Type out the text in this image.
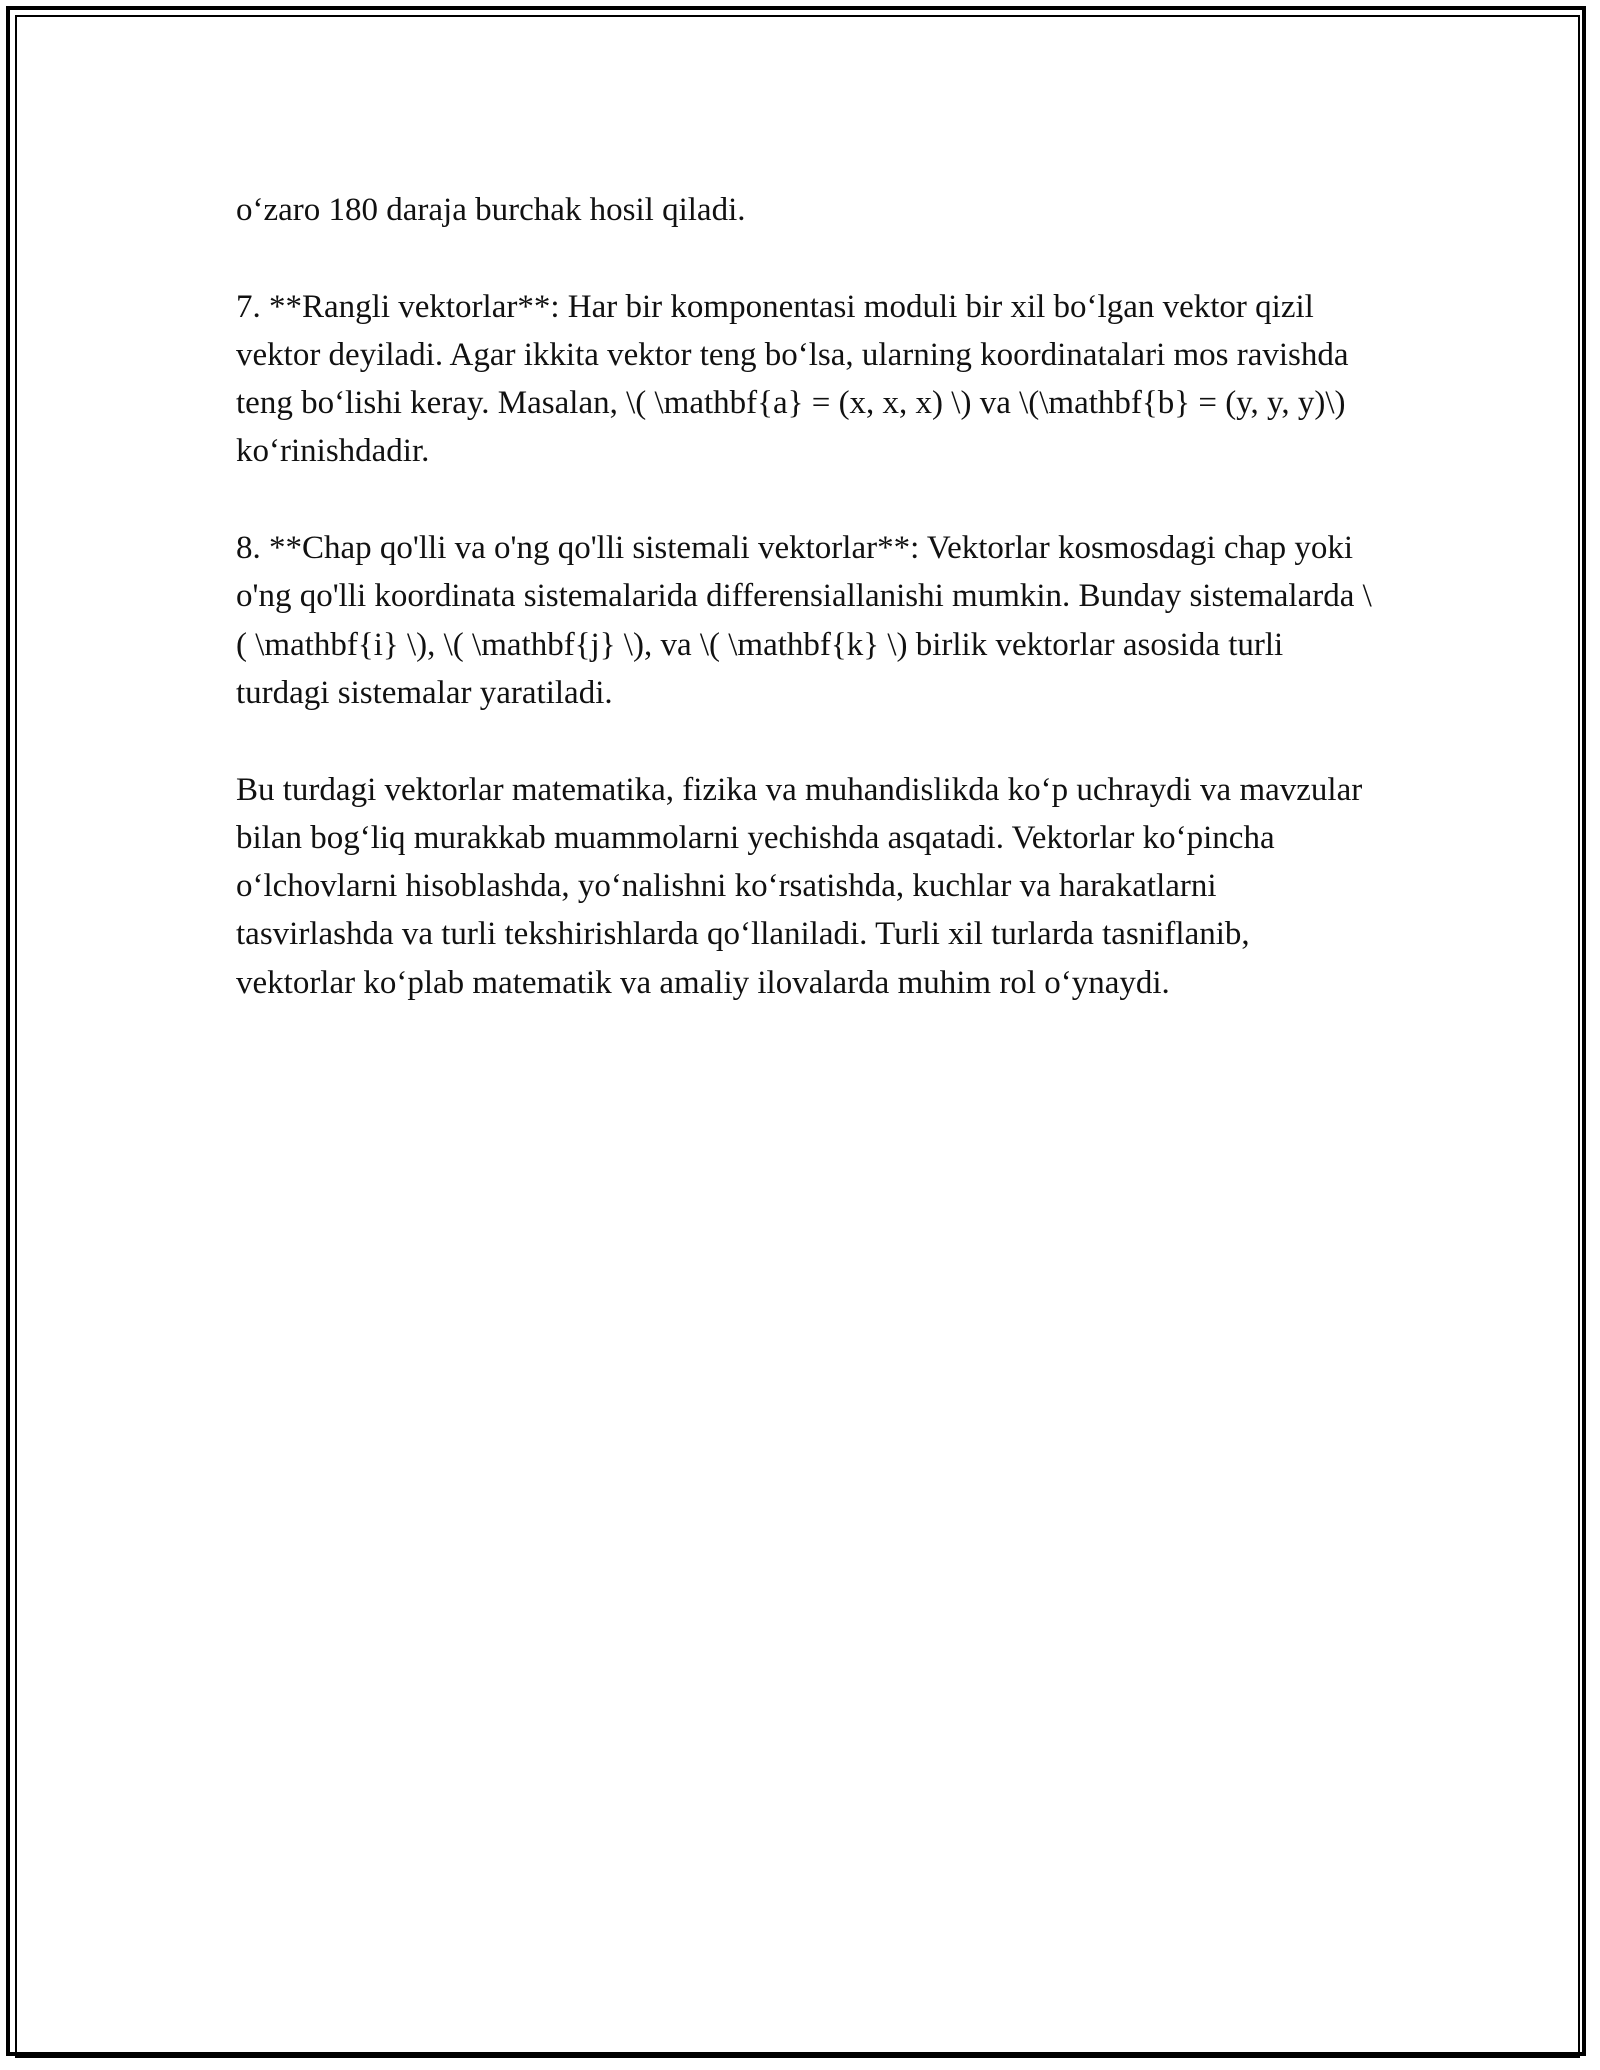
o‘zaro 180 daraja burchak hosil qiladi.

7. **Rangli vektorlar**: Har bir komponentasi moduli bir xil bo‘lgan vektor qizil vektor deyiladi. Agar ikkita vektor teng bo‘lsa, ularning koordinatalari mos ravishda teng bo‘lishi keray. Masalan, \( \mathbf{a} = (x, x, x) \) va \(\mathbf{b} = (y, y, y)\) ko‘rinishdadir.

8. **Chap qo'lli va o'ng qo'lli sistemali vektorlar**: Vektorlar kosmosdagi chap yoki o'ng qo'lli koordinata sistemalarida differensiallanishi mumkin. Bunday sistemalarda \( \mathbf{i} \), \( \mathbf{j} \), va \( \mathbf{k} \) birlik vektorlar asosida turli turdagi sistemalar yaratiladi.

Bu turdagi vektorlar matematika, fizika va muhandislikda ko‘p uchraydi va mavzular bilan bog‘liq murakkab muammolarni yechishda asqatadi. Vektorlar ko‘pincha o‘lchovlarni hisoblashda, yo‘nalishni ko‘rsatishda, kuchlar va harakatlarni tasvirlashda va turli tekshirishlarda qo‘llaniladi. Turli xil turlarda tasniflanib, vektorlar ko‘plab matematik va amaliy ilovalarda muhim rol o‘ynaydi.
